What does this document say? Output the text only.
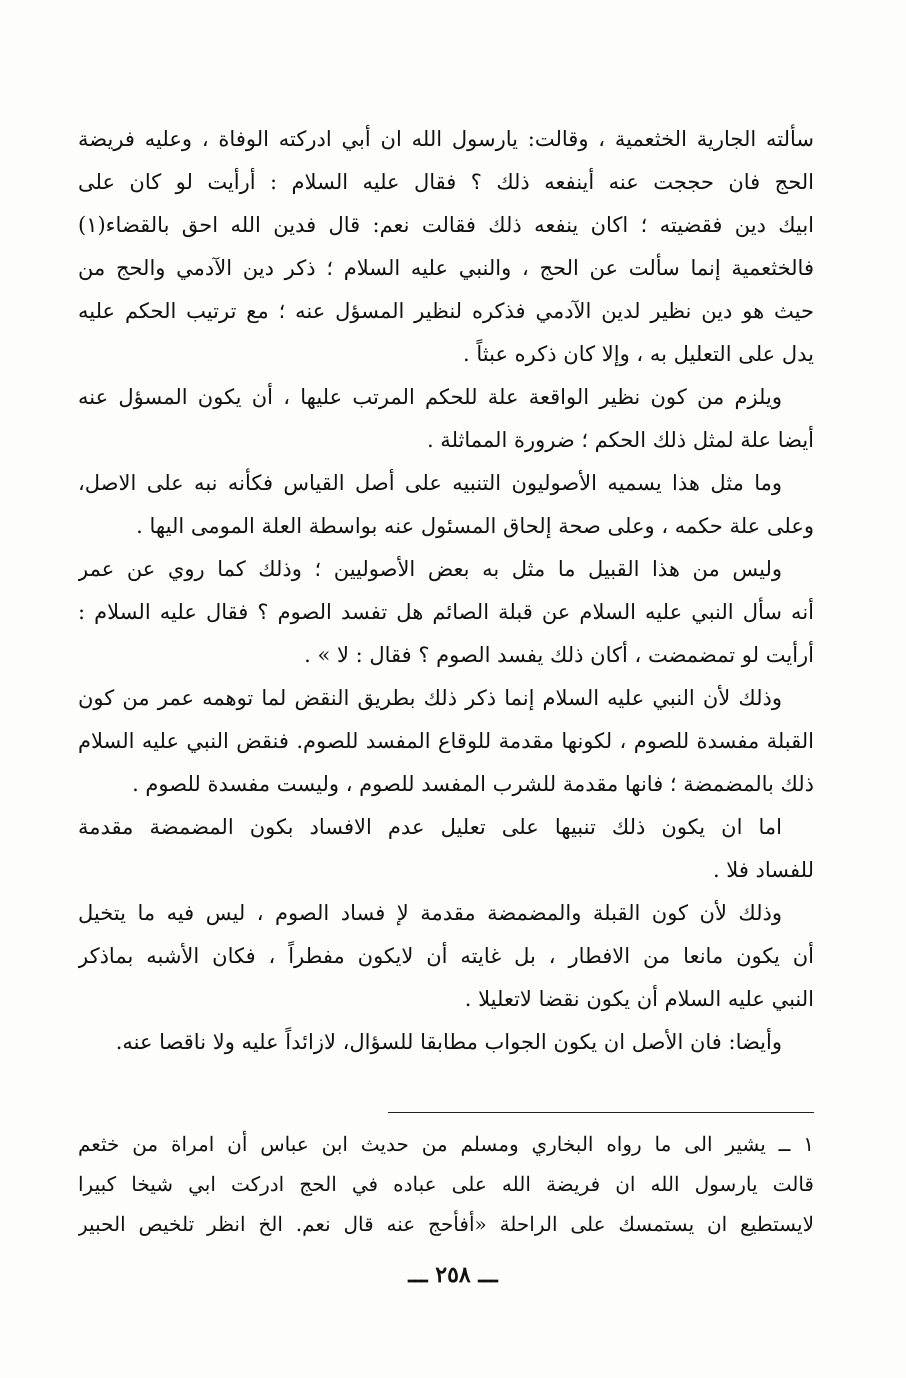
سألته الجارية الخثعمية ، وقالت: يارسول الله ان أبي ادركته الوفاة ، وعليه فريضة
الحج فان حججت عنه أينفعه ذلك ؟ فقال عليه السلام : أرأيت لو كان على
ابيك دين فقضيته ؛ اكان ينفعه ذلك فقالت نعم: قال فدين الله احق بالقضاء(١)
فالخثعمية إنما سألت عن الحج ، والنبي عليه السلام ؛ ذكر دين الآدمي والحج من
حيث هو دين نظير لدين الآدمي فذكره لنظير المسؤل عنه ؛ مع ترتيب الحكم عليه
يدل على التعليل به ، وإلا كان ذكره عبثاً .
ويلزم من كون نظير الواقعة علة للحكم المرتب عليها ، أن يكون المسؤل عنه
أيضا علة لمثل ذلك الحكم ؛ ضرورة المماثلة .
وما مثل هذا يسميه الأصوليون التنبيه على أصل القياس فكأنه نبه على الاصل،
وعلى علة حكمه ، وعلى صحة إلحاق المسئول عنه بواسطة العلة المومى اليها .
وليس من هذا القبيل ما مثل به بعض الأصوليين ؛ وذلك كما روي عن عمر
أنه سأل النبي عليه السلام عن قبلة الصائم هل تفسد الصوم ؟ فقال عليه السلام :
أرأيت لو تمضمضت ، أكان ذلك يفسد الصوم ؟ فقال : لا » .
وذلك لأن النبي عليه السلام إنما ذكر ذلك بطريق النقض لما توهمه عمر من كون
القبلة مفسدة للصوم ، لكونها مقدمة للوقاع المفسد للصوم. فنقض النبي عليه السلام
ذلك بالمضمضة ؛ فانها مقدمة للشرب المفسد للصوم ، وليست مفسدة للصوم .
اما ان يكون ذلك تنبيها على تعليل عدم الافساد بكون المضمضة مقدمة
للفساد فلا .
وذلك لأن كون القبلة والمضمضة مقدمة لإ فساد الصوم ، ليس فيه ما يتخيل
أن يكون مانعا من الافطار ، بل غايته أن لايكون مفطراً ، فكان الأشبه بماذكر
النبي عليه السلام أن يكون نقضا لاتعليلا .
وأيضا: فان الأصل ان يكون الجواب مطابقا للسؤال، لازائداً عليه ولا ناقصا عنه.
١ ــ يشير الى ما رواه البخاري ومسلم من حديث ابن عباس أن امراة من خثعم
قالت يارسول الله ان فريضة الله على عباده في الحج ادركت ابي شيخا كبيرا
لايستطيع ان يستمسك على الراحلة «أفأحج عنه قال نعم. الخ انظر تلخيص الحبير
ـــ ٢٥٨ ـــ
